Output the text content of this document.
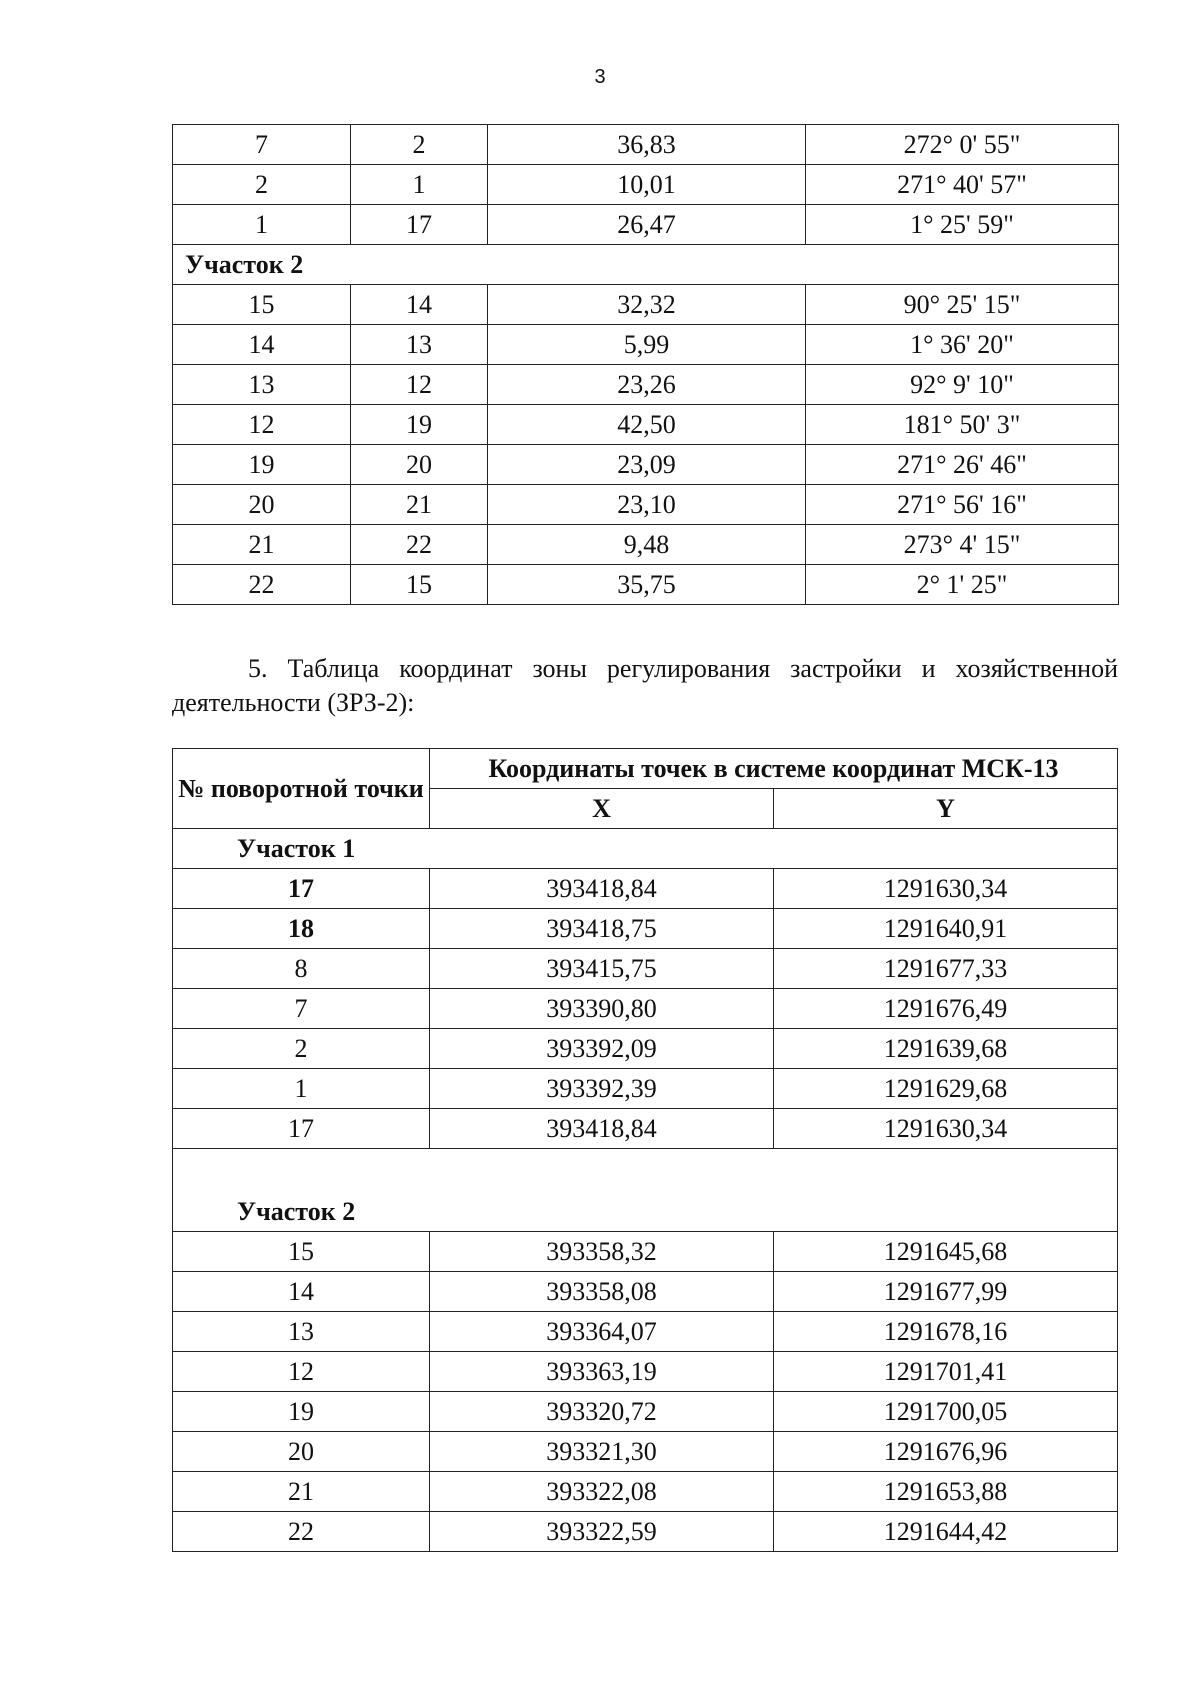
3
7	2	36,83	272° 0' 55"
2	1	10,01	271° 40' 57"
1	17	26,47	1° 25' 59"
Участок 2			
15	14	32,32	90° 25' 15"
14	13	5,99	1° 36' 20"
13	12	23,26	92° 9' 10"
12	19	42,50	181° 50' 3"
19	20	23,09	271° 26' 46"
20	21	23,10	271° 56' 16"
21	22	9,48	273° 4' 15"
22	15	35,75	2° 1' 25"
5. Таблица координат зоны регулирования застройки и хозяйственной деятельности (ЗРЗ-2):
№ поворотной точки	Координаты точек в системе координат МСК-13	
	X	Y
Участок 1		
17	393418,84	1291630,34
18	393418,75	1291640,91
8	393415,75	1291677,33
7	393390,80	1291676,49
2	393392,09	1291639,68
1	393392,39	1291629,68
17	393418,84	1291630,34
Участок 2		
15	393358,32	1291645,68
14	393358,08	1291677,99
13	393364,07	1291678,16
12	393363,19	1291701,41
19	393320,72	1291700,05
20	393321,30	1291676,96
21	393322,08	1291653,88
22	393322,59	1291644,42
